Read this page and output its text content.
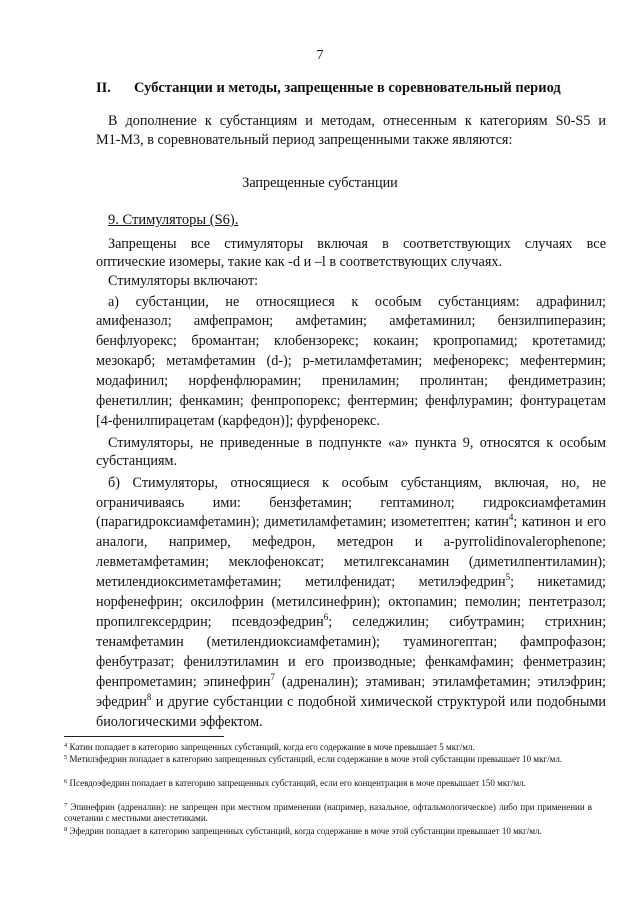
7
II. Субстанции и методы, запрещенные в соревновательный период
В дополнение к субстанциям и методам, отнесенным к категориям S0-S5 и
M1-M3, в соревновательный период запрещенными также являются:
Запрещенные субстанции
9. Стимуляторы (S6).
Запрещены все стимуляторы включая в соответствующих случаях все
оптические изомеры, такие как -d и –l в соответствующих случаях.
Стимуляторы включают:
а) субстанции, не относящиеся к особым субстанциям: адрафинил;
амифеназол; амфепрамон; амфетамин; амфетаминил; бензилпиперазин;
бенфлуорекс; бромантан; клобензорекс; кокаин; кропропамид; кротетамид;
мезокарб; метамфетамин (d-); p-метиламфетамин; мефенорекс; мефентермин;
модафинил; норфенфлюрамин; прениламин; пролинтан; фендиметразин;
фенетиллин; фенкамин; фенпропорекс; фентермин; фенфлурамин; фонтурацетам
[4-фенилпирацетам (карфедон)]; фурфенорекс.
Стимуляторы, не приведенные в подпункте «а» пункта 9, относятся к особым
субстанциям.
б) Стимуляторы, относящиеся к особым субстанциям, включая, но, не
ограничиваясь ими: бензфетамин; гептаминол; гидроксиамфетамин
(парагидроксиамфетамин); диметиламфетамин; изометептен; катин$^4$; катинон и его
аналоги, например, мефедрон, метедрон и a-pyrrolidinovalerophenone;
левметамфетамин; меклофеноксат; метилгексанамин (диметилпентиламин);
метилендиоксиметамфетамин; метилфенидат; метилэфедрин$^5$; никетамид;
норфенефрин; оксилофрин (метилсинефрин); октопамин; пемолин; пентетразол;
пропилгексердрин; псевдоэфедрин$^6$; селеджилин; сибутрамин; стрихнин;
тенамфетамин (метилендиоксиамфетамин); туаминогептан; фампрофазон;
фенбутразат; фенилэтиламин и его производные; фенкамфамин; фенметразин;
фенпрометамин; эпинефрин$^7$ (адреналин); этамиван; этиламфетамин; этилэфрин;
эфедрин$^8$ и другие субстанции с подобной химической структурой или подобными
биологическими эффектом.
$^4$ Катин попадает в категорию запрещенных субстанций, когда его содержание в моче превышает 5 мкг/мл.
$^5$ Метилэфедрин попадает в категорию запрещенных субстанций, если содержание в моче этой субстанции превышает 10 мкг/мл.
$^6$ Псевдоэфедрин попадает в категорию запрещенных субстанций, если его концентрация в моче превышает 150 мкг/мл.
$^7$ Эпинефрин (адреналин): не запрещен при местном применении (например, назальное, офтальмологическое) либо при применении в сочетании с местными анестетиками.
$^8$ Эфедрин попадает в категорию запрещенных субстанций, когда содержание в моче этой субстанции превышает 10 мкг/мл.
